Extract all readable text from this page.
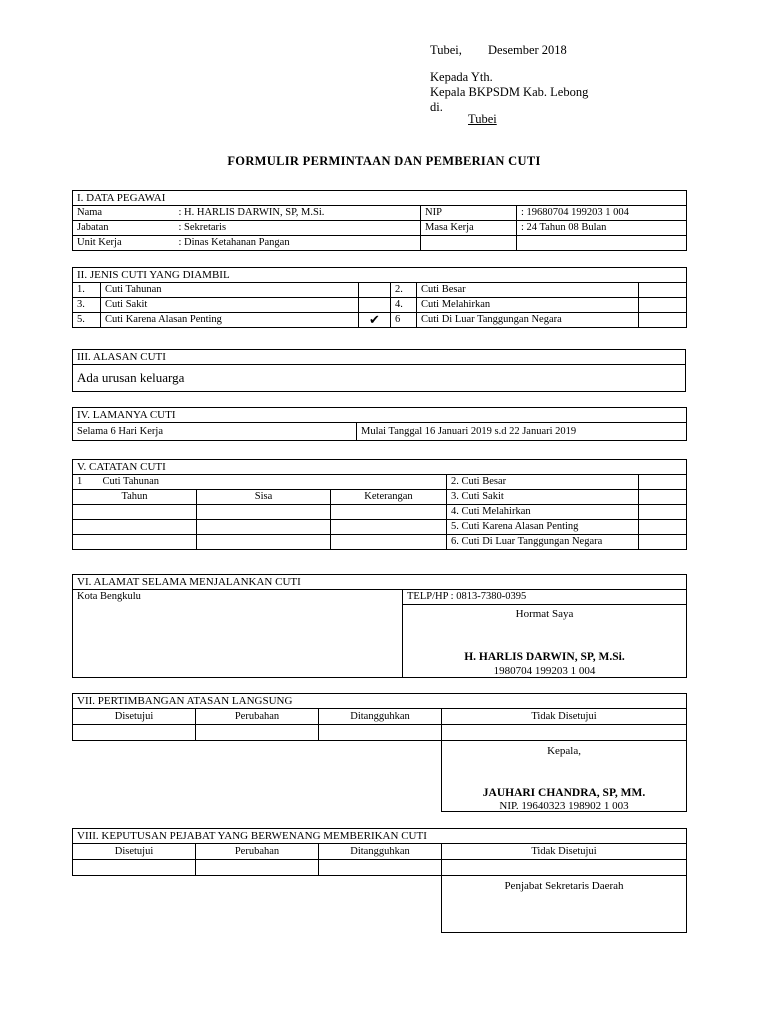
Tubei, Desember 2018
Kepada Yth.
Kepala BKPSDM Kab. Lebong
di.
Tubei
FORMULIR PERMINTAAN DAN PEMBERIAN CUTI
I. DATA PEGAWAI			
Nama	: H. HARLIS DARWIN, SP, M.Si.	NIP	: 19680704 199203 1 004
Jabatan	: Sekretaris	Masa Kerja	: 24 Tahun 08 Bulan
Unit Kerja	: Dinas Ketahanan Pangan		
II. JENIS CUTI YANG DIAMBIL					
1.	Cuti Tahunan		2.	Cuti Besar	
3.	Cuti Sakit		4.	Cuti Melahirkan	
5.	Cuti Karena Alasan Penting	✔	6	Cuti Di Luar Tanggungan Negara	
III. ALASAN CUTI
Ada urusan keluarga
IV. LAMANYA CUTI
Selama 6 Hari Kerja	Mulai Tanggal 16 Januari 2019 s.d 22 Januari 2019
V. CATATAN CUTI					
1	Cuti Tahunan			2. Cuti Besar	
Tahun		Sisa	Keterangan	3. Cuti Sakit	
				4. Cuti Melahirkan	
				5. Cuti Karena Alasan Penting	
				6. Cuti Di Luar Tanggungan Negara	
VI. ALAMAT SELAMA MENJALANKAN CUTI
Kota Bengkulu	TELP/HP : 0813-7380-0395

Hormat Saya
H. HARLIS DARWIN, SP, M.Si.
1980704 199203 1 004
VII. PERTIMBANGAN ATASAN LANGSUNG			
Disetujui	Perubahan	Ditangguhkan	Tidak Disetujui

			Kepala,
JAUHARI CHANDRA, SP, MM.
NIP. 19640323 198902 1 003
VIII. KEPUTUSAN PEJABAT YANG BERWENANG MEMBERIKAN CUTI			
Disetujui	Perubahan	Ditangguhkan	Tidak Disetujui

			Penjabat Sekretaris Daerah
